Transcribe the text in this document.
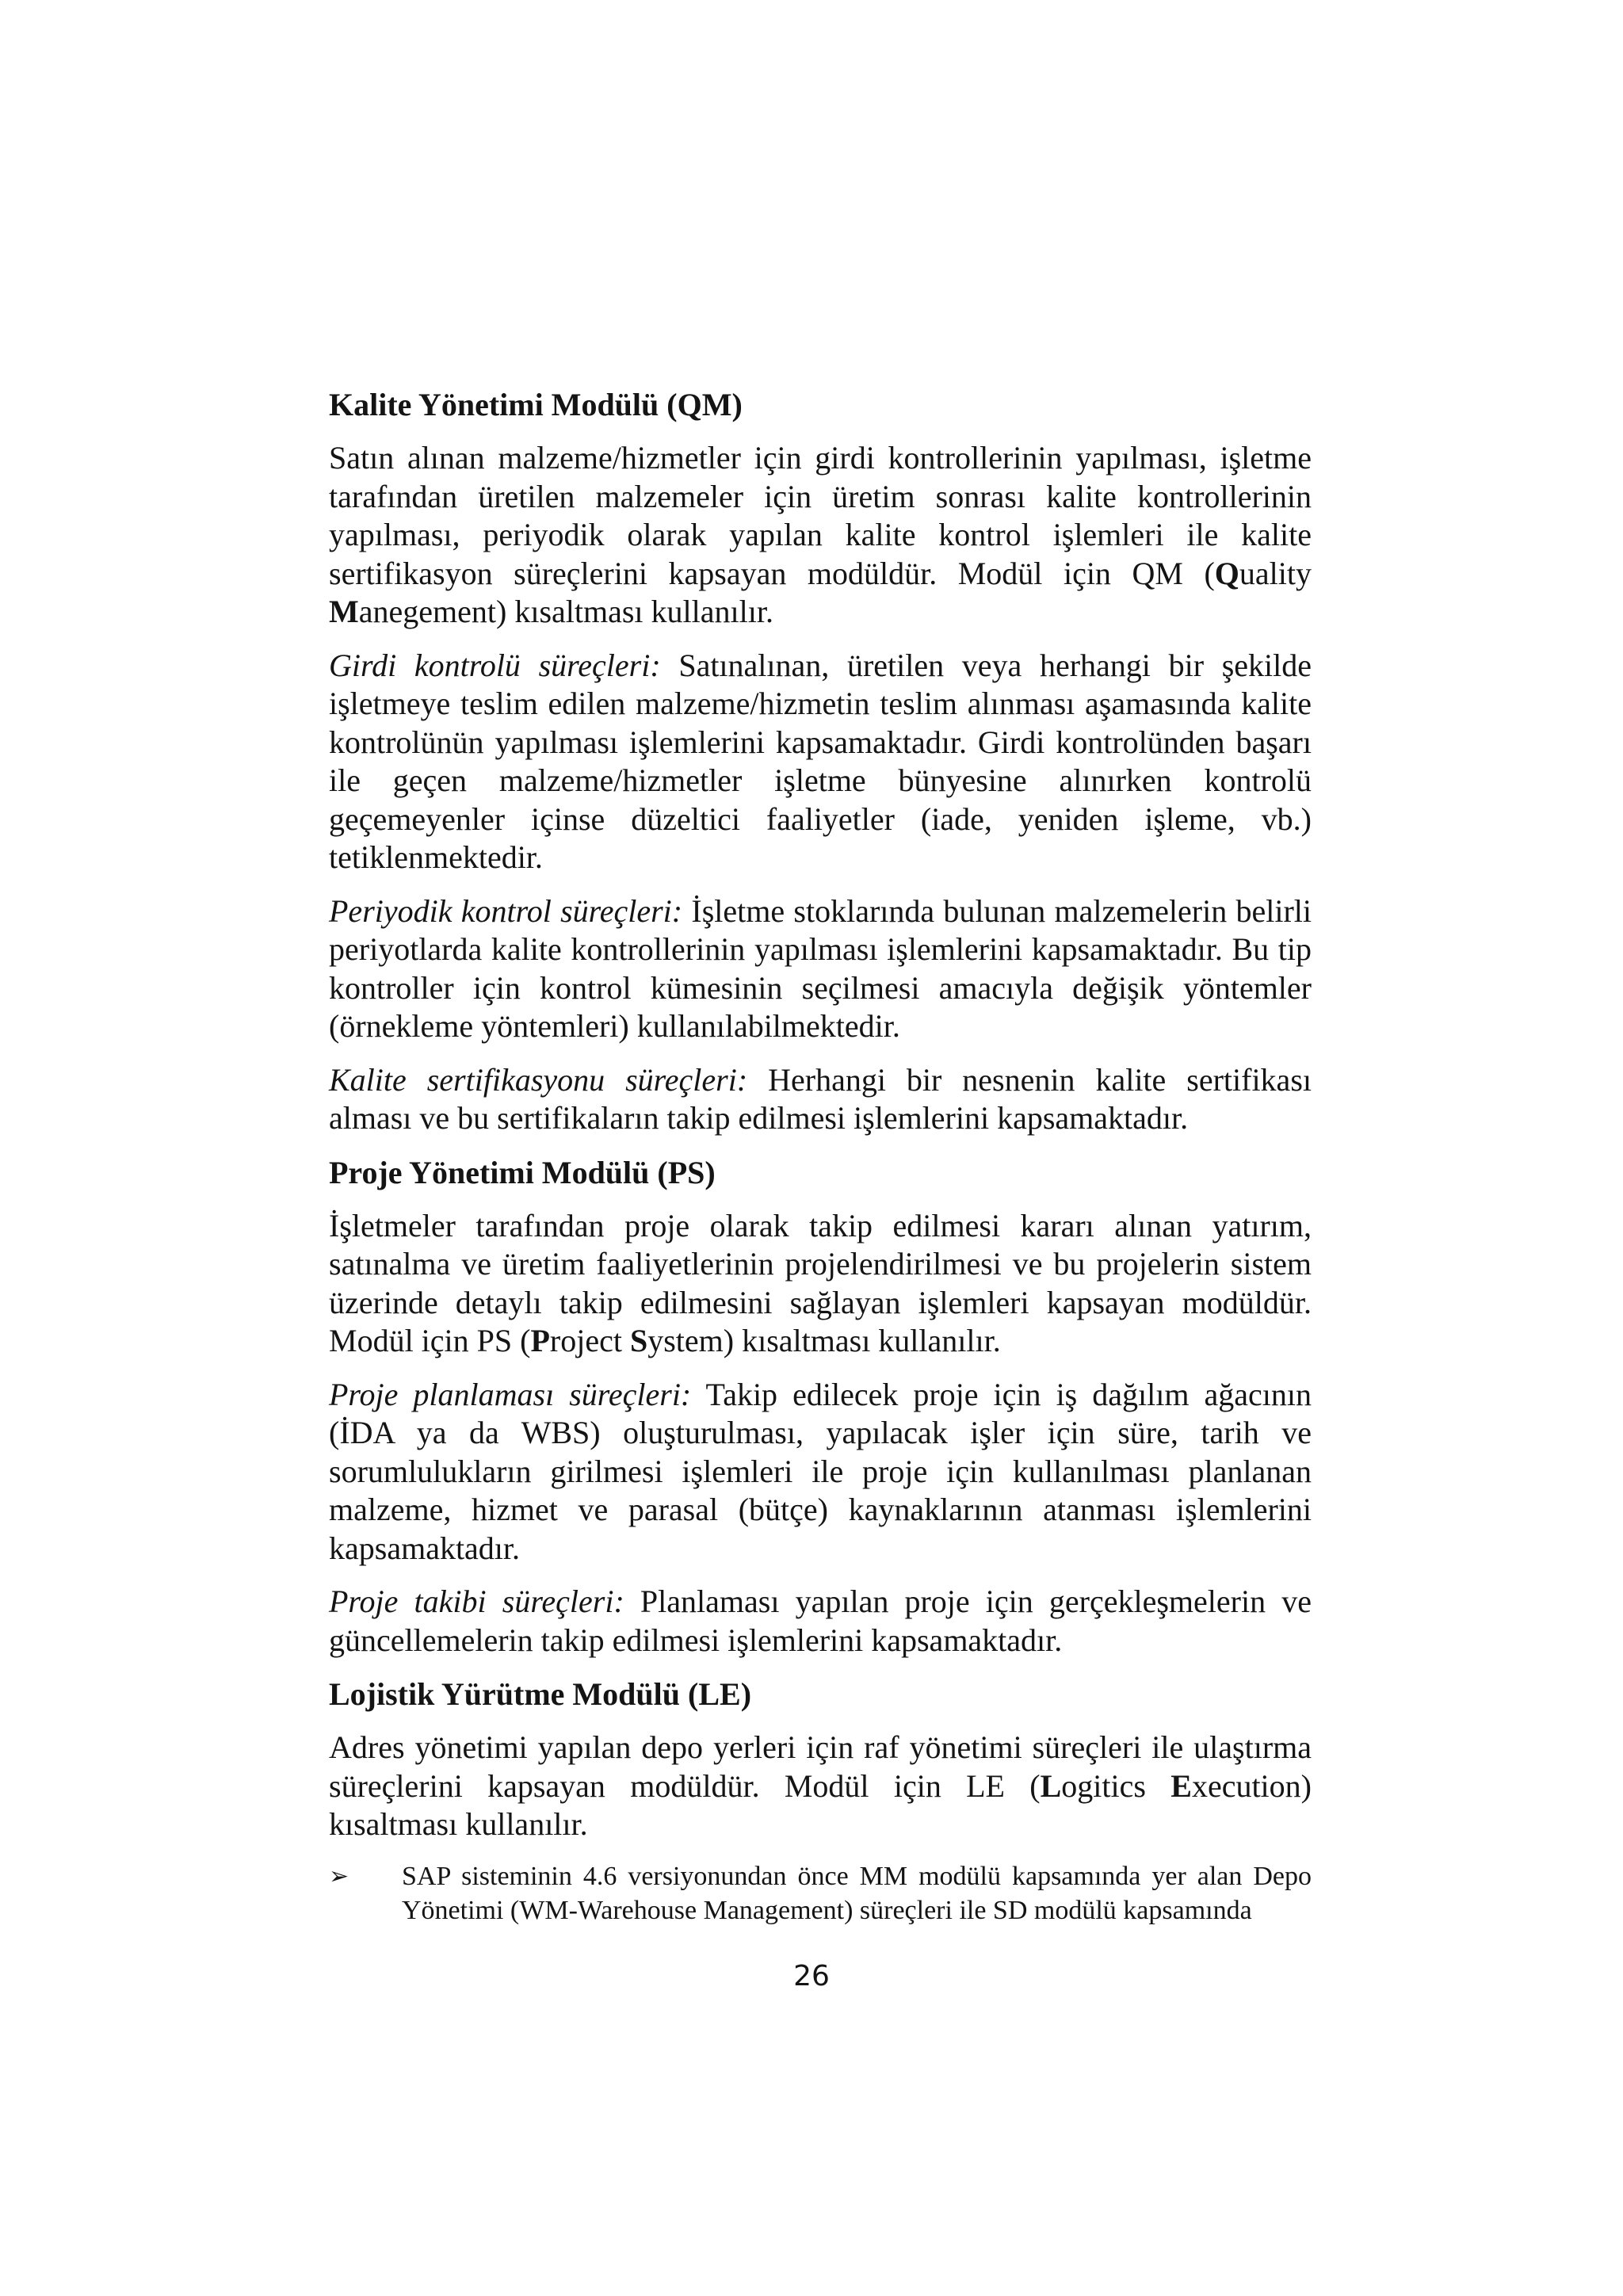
Kalite Yönetimi Modülü (QM)

Satın alınan malzeme/hizmetler için girdi kontrollerinin yapılması, işletme tarafından üretilen malzemeler için üretim sonrası kalite kontrollerinin yapılması, periyodik olarak yapılan kalite kontrol işlemleri ile kalite sertifikasyon süreçlerini kapsayan modüldür. Modül için QM (Quality Manegement) kısaltması kullanılır.

Girdi kontrolü süreçleri: Satınalınan, üretilen veya herhangi bir şekilde işletmeye teslim edilen malzeme/hizmetin teslim alınması aşamasında kalite kontrolünün yapılması işlemlerini kapsamaktadır. Girdi kontrolünden başarı ile geçen malzeme/hizmetler işletme bünyesine alınırken kontrolü geçemeyenler içinse düzeltici faaliyetler (iade, yeniden işleme, vb.) tetiklenmektedir.

Periyodik kontrol süreçleri: İşletme stoklarında bulunan malzemelerin belirli periyotlarda kalite kontrollerinin yapılması işlemlerini kapsamaktadır. Bu tip kontroller için kontrol kümesinin seçilmesi amacıyla değişik yöntemler (örnekleme yöntemleri) kullanılabilmektedir.

Kalite sertifikasyonu süreçleri: Herhangi bir nesnenin kalite sertifikası alması ve bu sertifikaların takip edilmesi işlemlerini kapsamaktadır.

Proje Yönetimi Modülü (PS)

İşletmeler tarafından proje olarak takip edilmesi kararı alınan yatırım, satınalma ve üretim faaliyetlerinin projelendirilmesi ve bu projelerin sistem üzerinde detaylı takip edilmesini sağlayan işlemleri kapsayan modüldür. Modül için PS (Project System) kısaltması kullanılır.

Proje planlaması süreçleri: Takip edilecek proje için iş dağılım ağacının (İDA ya da WBS) oluşturulması, yapılacak işler için süre, tarih ve sorumlulukların girilmesi işlemleri ile proje için kullanılması planlanan malzeme, hizmet ve parasal (bütçe) kaynaklarının atanması işlemlerini kapsamaktadır.

Proje takibi süreçleri: Planlaması yapılan proje için gerçekleşmelerin ve güncellemelerin takip edilmesi işlemlerini kapsamaktadır.

Lojistik Yürütme Modülü (LE)

Adres yönetimi yapılan depo yerleri için raf yönetimi süreçleri ile ulaştırma süreçlerini kapsayan modüldür. Modül için LE (Logitics Execution) kısaltması kullanılır.

➢ SAP sisteminin 4.6 versiyonundan önce MM modülü kapsamında yer alan Depo Yönetimi (WM-Warehouse Management) süreçleri ile SD modülü kapsamında
26
